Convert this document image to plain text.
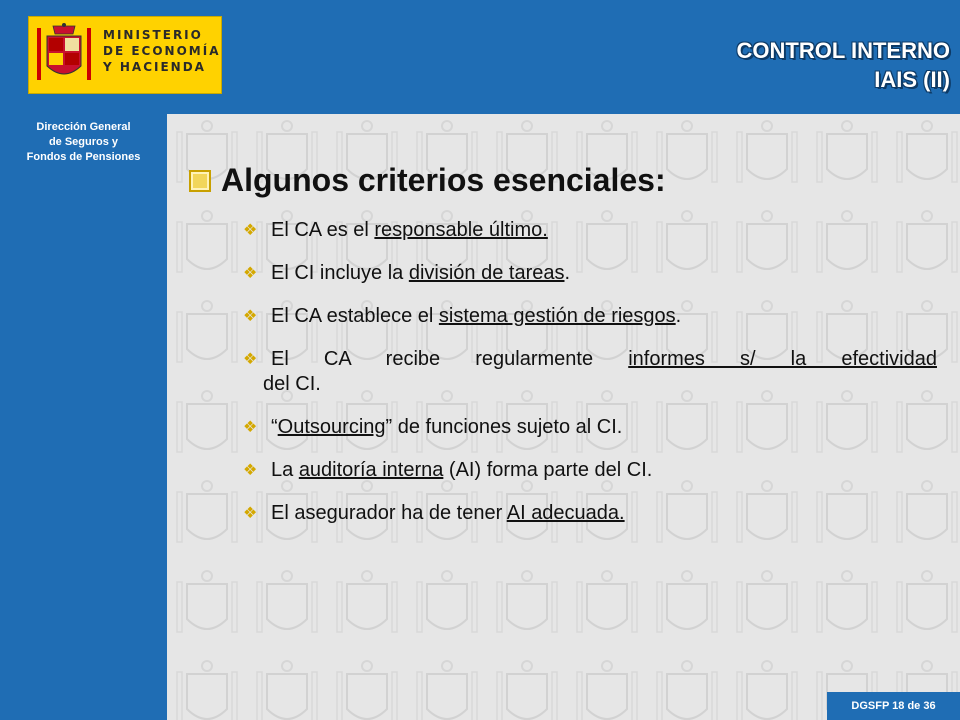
MINISTERIO
DE ECONOMÍA
Y HACIENDA
CONTROL INTERNO
IAIS (II)
Dirección General
de Seguros y
Fondos de Pensiones
Algunos criterios esenciales:
❖ El CA es el responsable último.
❖ El CI incluye la división de tareas.
❖ El CA establece el sistema gestión de riesgos.
❖ El CA recibe regularmente informes s/ la efectividad
del CI.
❖ “Outsourcing” de funciones sujeto al CI.
❖ La auditoría interna (AI) forma parte del CI.
❖ El asegurador ha de tener AI adecuada.
DGSFP 18 de 36
